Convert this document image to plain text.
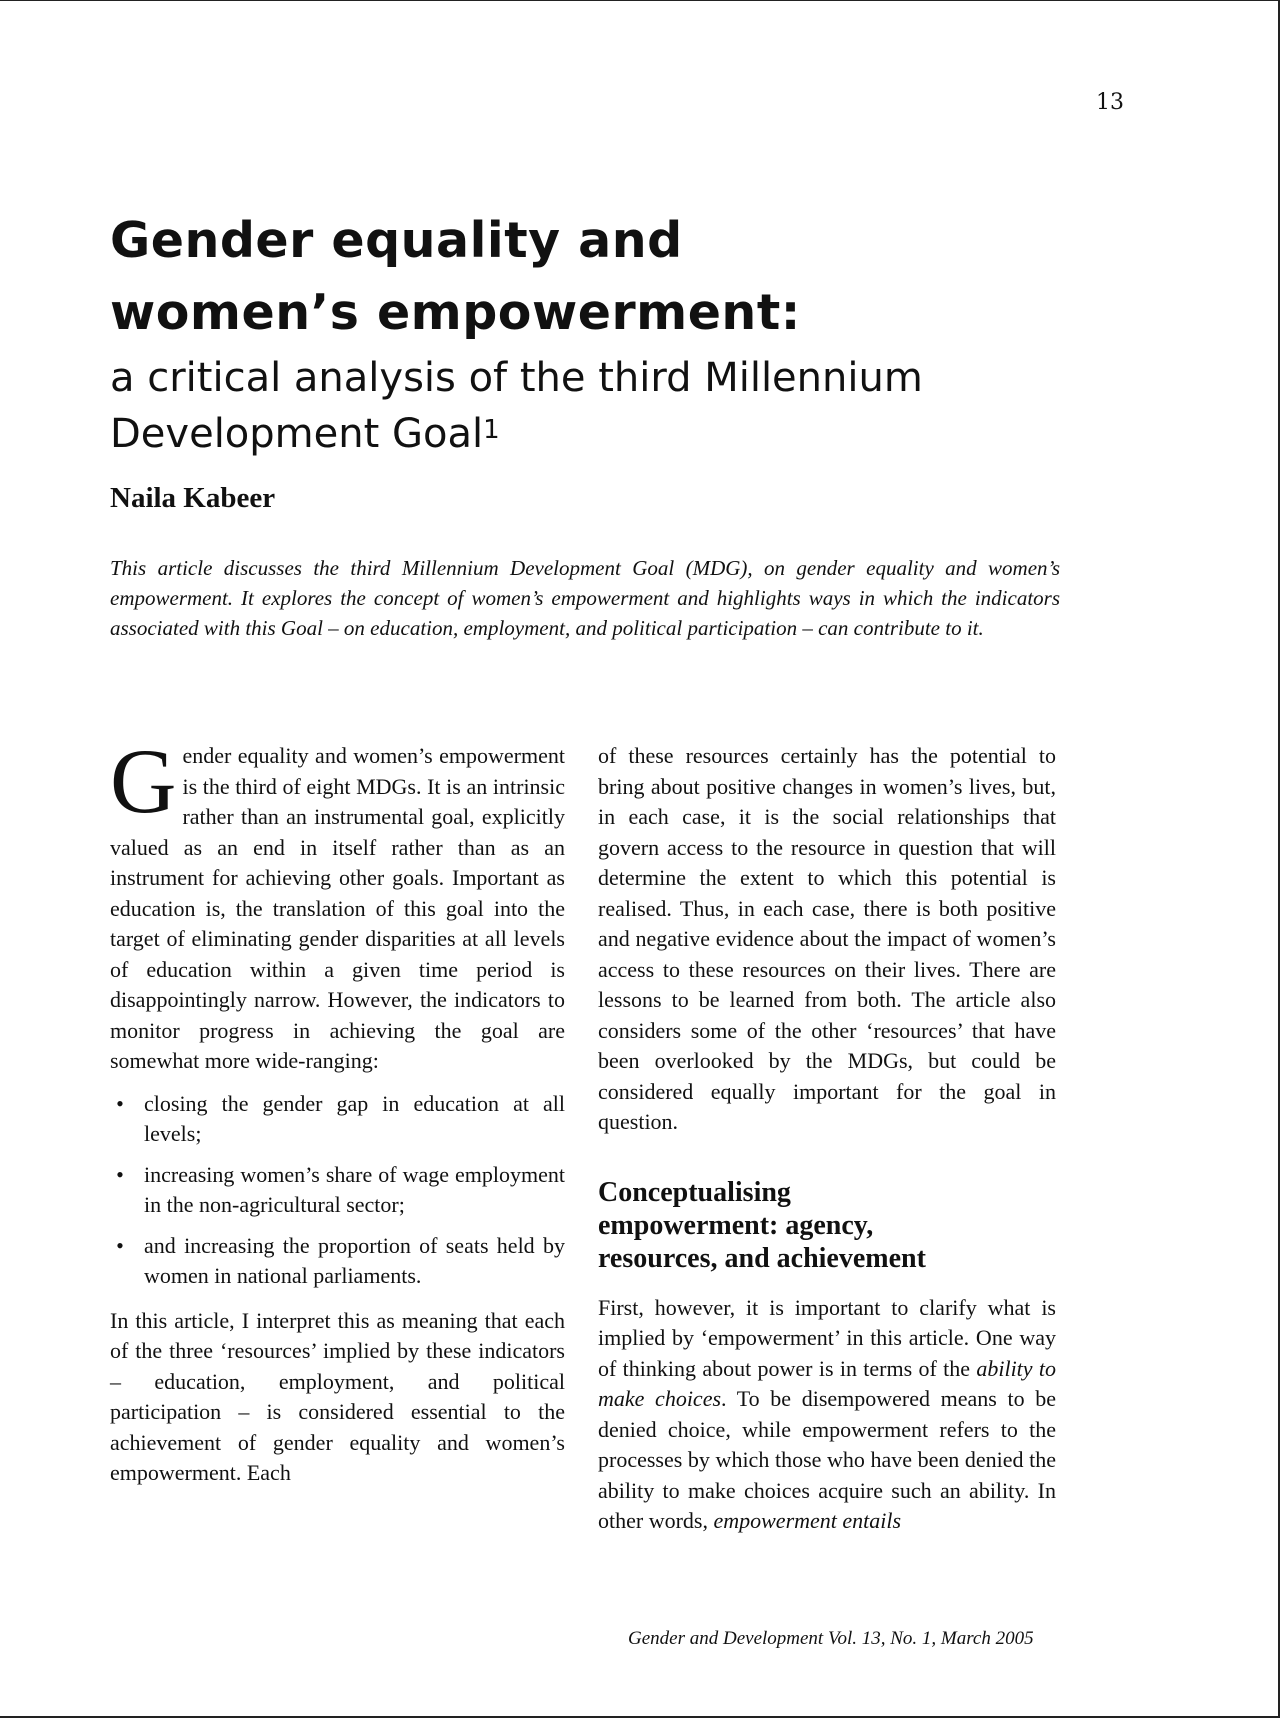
13
Gender equality and
women’s empowerment:
a critical analysis of the third Millennium
Development Goal$^1$
Naila Kabeer

This article discusses the third Millennium Development Goal (MDG), on gender equality and women’s empowerment. It explores the concept of women’s empowerment and highlights ways in which the indicators associated with this Goal – on education, employment, and political participation – can contribute to it.

Gender equality and women’s empowerment is the third of eight MDGs. It is an intrinsic rather than an instrumental goal, explicitly valued as an end in itself rather than as an instrument for achieving other goals. Important as education is, the translation of this goal into the target of eliminating gender disparities at all levels of education within a given time period is disappointingly narrow. However, the indicators to monitor progress in achieving the goal are somewhat more wide-ranging:

• closing the gender gap in education at all levels;
• increasing women’s share of wage employment in the non-agricultural sector;
• and increasing the proportion of seats held by women in national parliaments.

In this article, I interpret this as meaning that each of the three ‘resources’ implied by these indicators – education, employment, and political participation – is considered essential to the achievement of gender equality and women’s empowerment. Each

of these resources certainly has the potential to bring about positive changes in women’s lives, but, in each case, it is the social relationships that govern access to the resource in question that will determine the extent to which this potential is realised. Thus, in each case, there is both positive and negative evidence about the impact of women’s access to these resources on their lives. There are lessons to be learned from both. The article also considers some of the other ‘resources’ that have been overlooked by the MDGs, but could be considered equally important for the goal in question.

Conceptualising
empowerment: agency,
resources, and achievement

First, however, it is important to clarify what is implied by ‘empowerment’ in this article. One way of thinking about power is in terms of the ability to make choices. To be disempowered means to be denied choice, while empowerment refers to the processes by which those who have been denied the ability to make choices acquire such an ability. In other words, empowerment entails

Gender and Development Vol. 13, No. 1, March 2005
